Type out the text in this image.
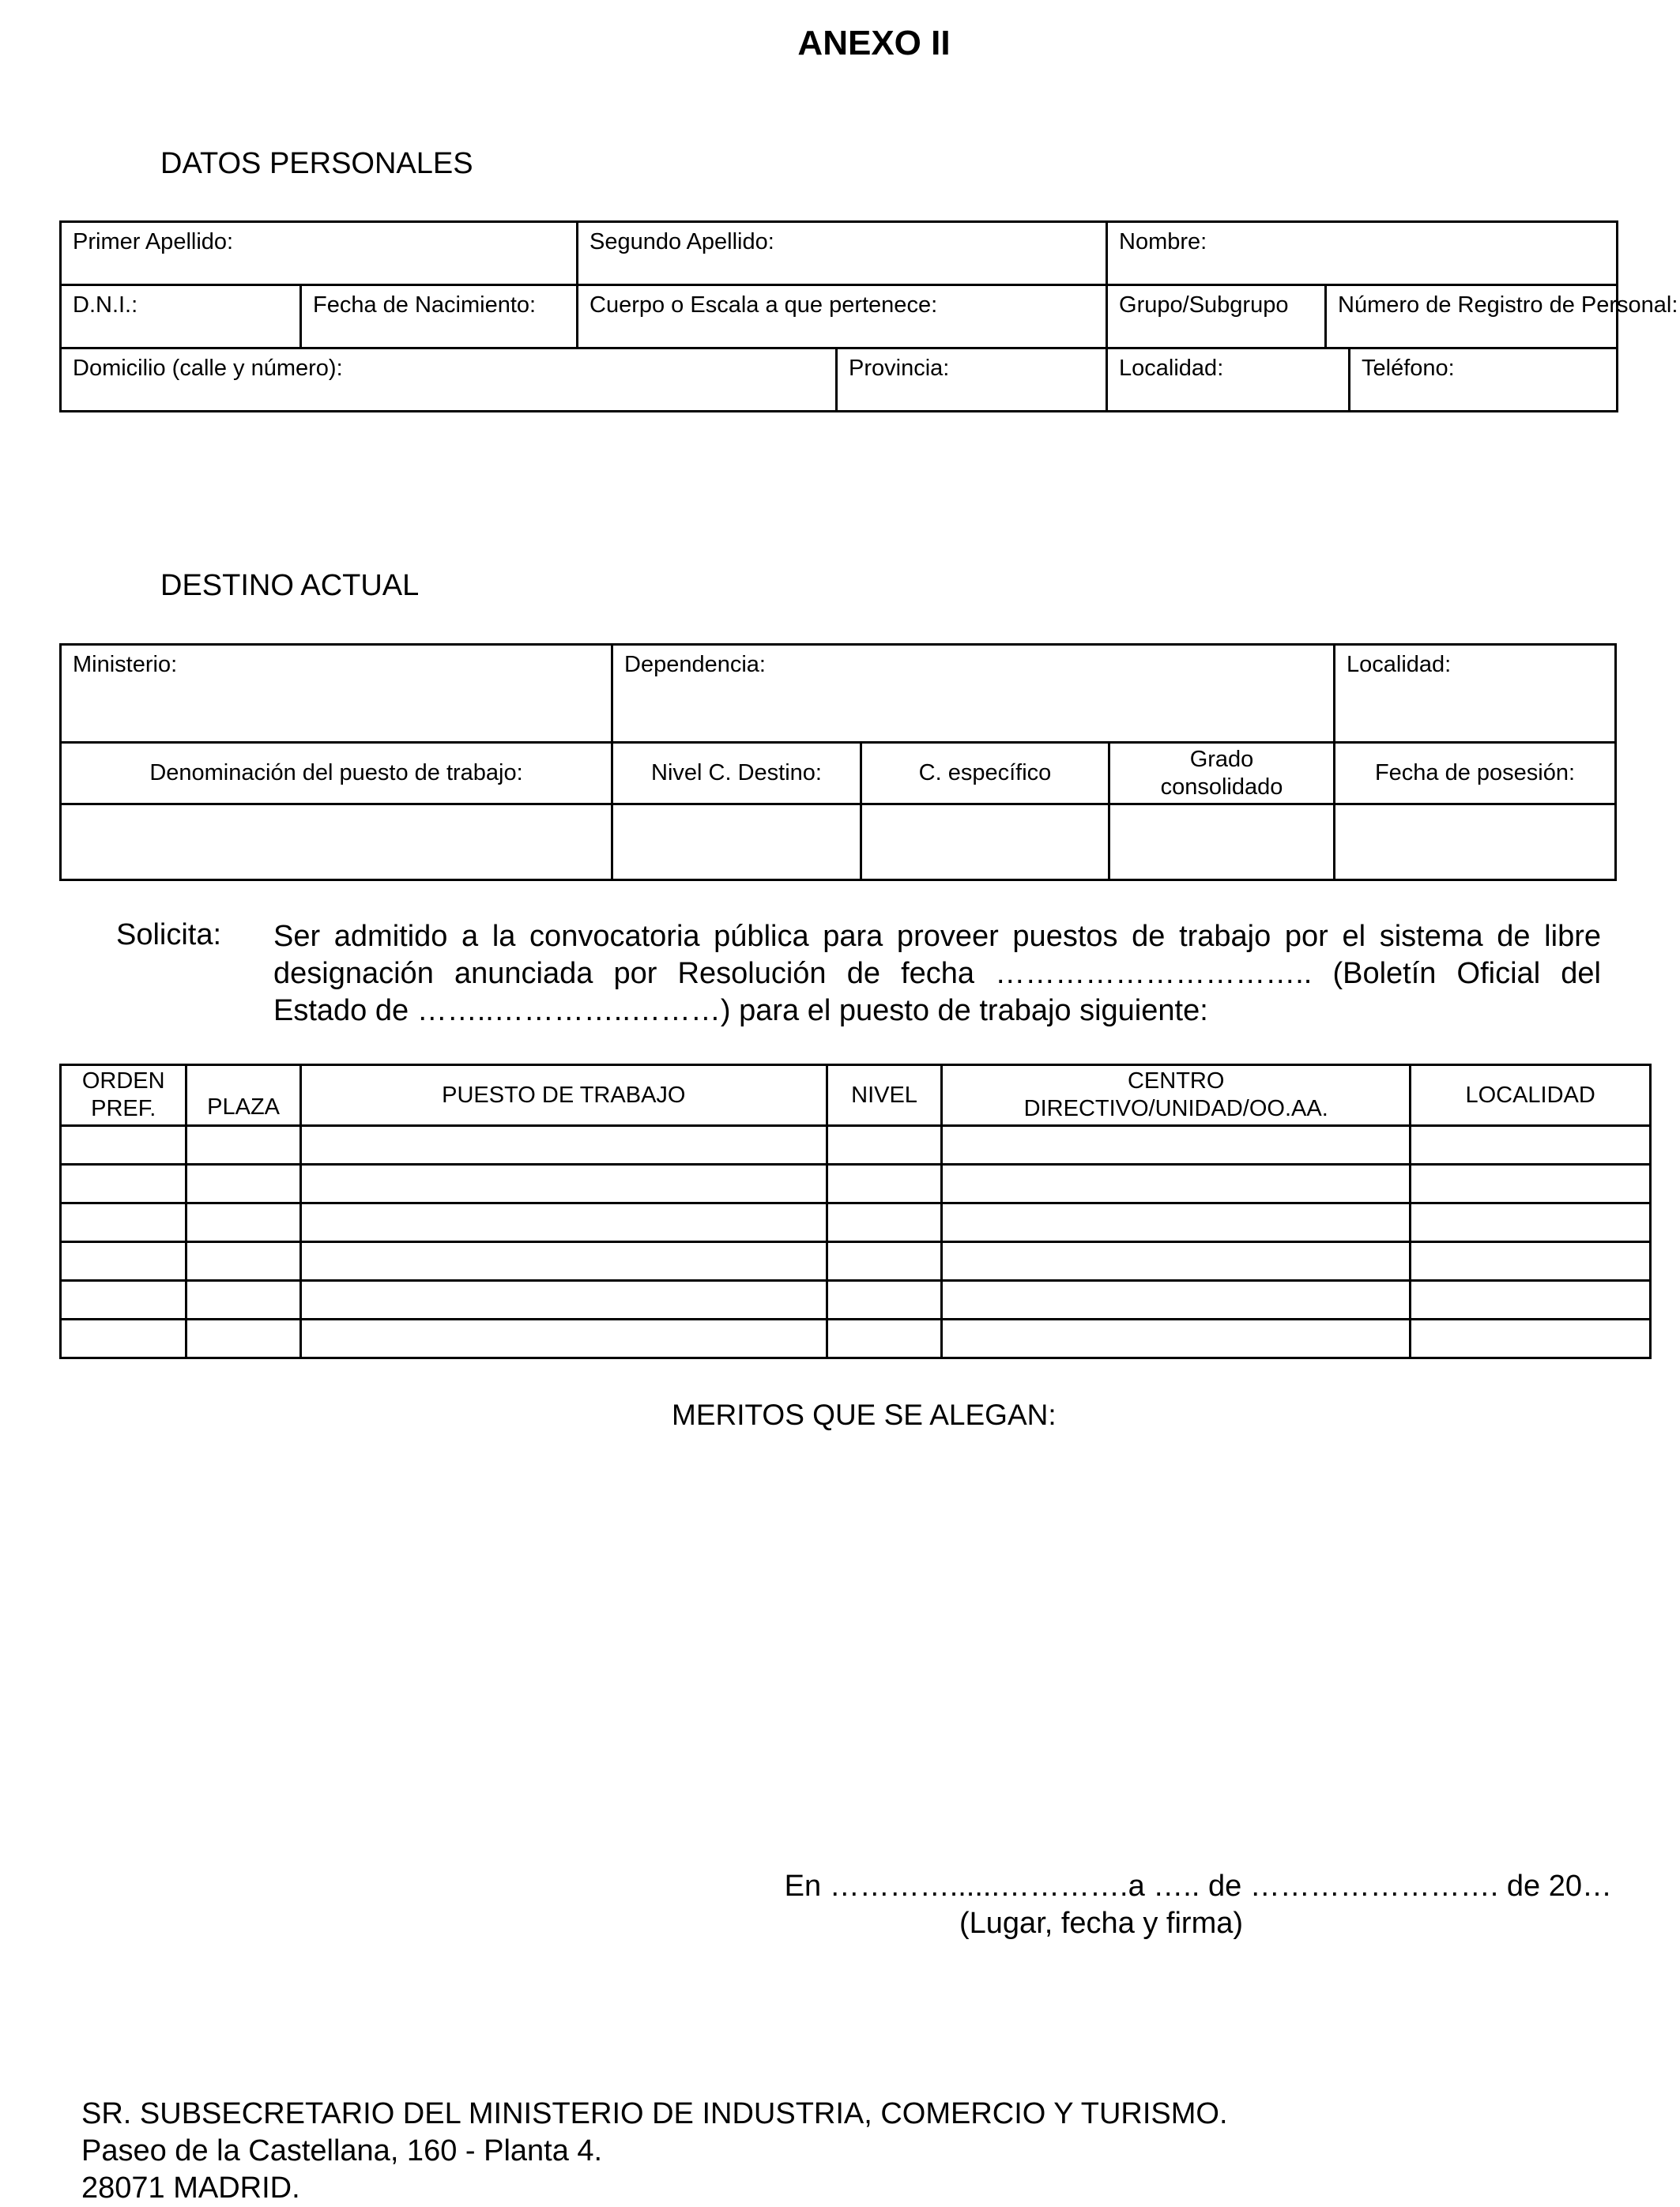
ANEXO II
DATOS PERSONALES
Primer Apellido:		Segundo Apellido:		Nombre:		

D.N.I.:	Fecha de Nacimiento:	Cuerpo o Escala a que pertenece:		Grupo/Subgrupo	Número de Registro de Personal:	

Domicilio (calle y número):			Provincia:	Localidad:		Teléfono:
DESTINO ACTUAL
Ministerio:	Dependencia:			Localidad:

Denominación del puesto de trabajo:	Nivel C. Destino:	C. específico	Grado consolidado	Fecha de posesión:

Solicita: Ser admitido a la convocatoria pública para proveer puestos de trabajo por el sistema de libre
designación anunciada por Resolución de fecha ………………………….. (Boletín Oficial del
Estado de ……..…………..………) para el puesto de trabajo siguiente:
ORDEN PREF.	PLAZA	PUESTO DE TRABAJO	NIVEL	CENTRO DIRECTIVO/UNIDAD/OO.AA.	LOCALIDAD

MERITOS QUE SE ALEGAN:
En …………......………….a ….. de ……………………. de 20…
(Lugar, fecha y firma)
SR. SUBSECRETARIO DEL MINISTERIO DE INDUSTRIA, COMERCIO Y TURISMO.
Paseo de la Castellana, 160 - Planta 4.
28071 MADRID.
